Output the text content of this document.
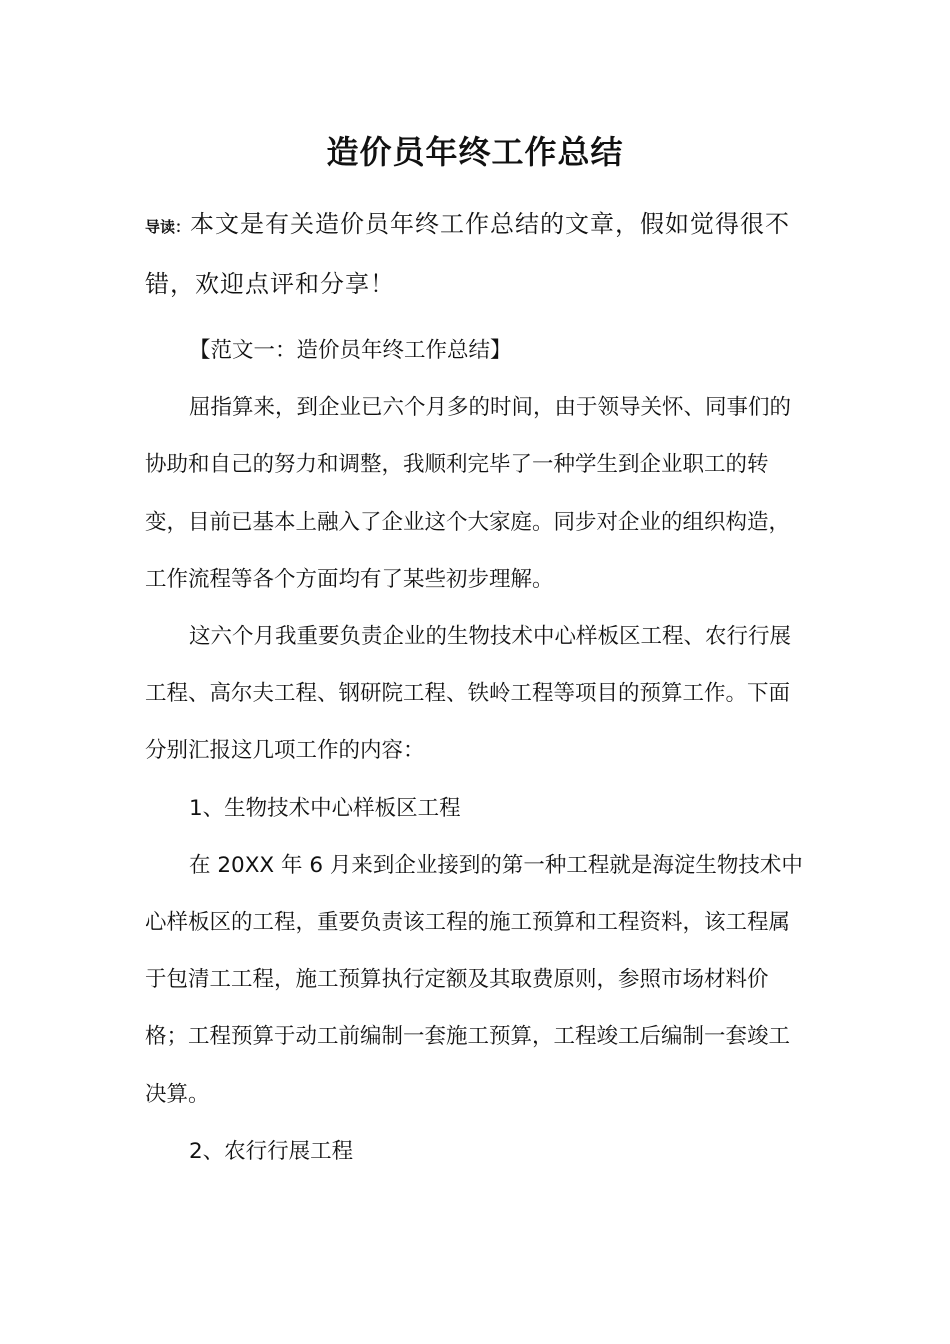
造价员年终工作总结
导读：本文是有关造价员年终工作总结的文章，假如觉得很不错，欢迎点评和分享！

【范文一：造价员年终工作总结】

屈指算来，到企业已六个月多的时间，由于领导关怀、同事们的协助和自己的努力和调整，我顺利完毕了一种学生到企业职工的转变，目前已基本上融入了企业这个大家庭。同步对企业的组织构造，工作流程等各个方面均有了某些初步理解。

这六个月我重要负责企业的生物技术中心样板区工程、农行行展工程、高尔夫工程、钢研院工程、铁岭工程等项目的预算工作。下面分别汇报这几项工作的内容：

1、生物技术中心样板区工程

在 20XX 年 6 月来到企业接到的第一种工程就是海淀生物技术中心样板区的工程，重要负责该工程的施工预算和工程资料，该工程属于包清工工程，施工预算执行定额及其取费原则，参照市场材料价格；工程预算于动工前编制一套施工预算，工程竣工后编制一套竣工决算。

2、农行行展工程
